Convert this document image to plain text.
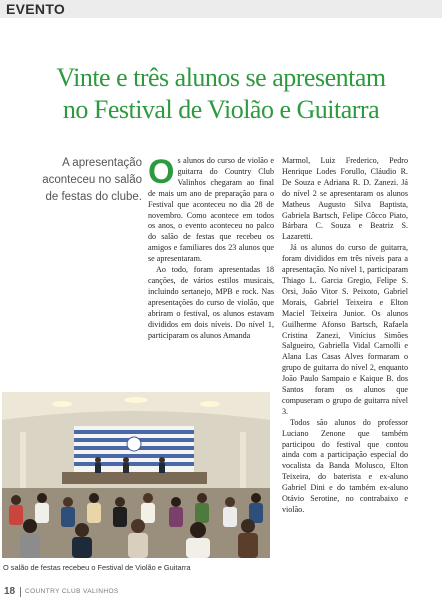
EVENTO
Vinte e três alunos se apresentam
no Festival de Violão e Guitarra
A apresentação
aconteceu no salão
de festas do clube.

Os alunos do curso de violão e guitarra do Country Club Valinhos chegaram ao final de mais um ano de preparação para o Festival que aconteceu no dia 28 de novembro. Como acontece em todos os anos, o evento aconteceu no palco do salão de festas que recebeu os amigos e familiares dos 23 alunos que se apresentaram.

Ao todo, foram apresentadas 18 canções, de vários estilos musicais, incluindo sertanejo, MPB e rock. Nas apresentações do curso de violão, que abriram o festival, os alunos estavam divididos em dois níveis. Do nível 1, participaram os alunos Amanda

Marmol, Luiz Frederico, Pedro Henrique Lodes Forullo, Cláudio R. De Souza e Adriana R. D. Zanezi. Já do nível 2 se apresentaram os alunos Matheus Augusto Silva Baptista, Gabriela Bartsch, Felipe Côcco Piato, Bárbara C. Souza e Beatriz S. Lazaretti.

Já os alunos do curso de guitarra, foram divididos em três níveis para a apresentação. No nível 1, participaram Thiago L. Garcia Gregio, Felipe S. Orsi, João Vitor S. Peixoto, Gabriel Morais, Gabriel Teixeira e Elton Maciel Teixeira Junior. Os alunos Guilherme Afonso Bartsch, Rafaela Cristina Zanezi, Vinícius Simões Salgueiro, Gabriella Vidal Carnolli e Alana Las Casas Alves formaram o grupo de guitarra do nível 2, enquanto João Paulo Sampaio e Kaique B. dos Santos foram os alunos que compuseram o grupo de guitarra nível 3.

Todos são alunos do professor Luciano Zenone que também participou do festival que contou ainda com a participação especial do vocalista da Banda Molusco, Elton Teixeira, do baterista e ex-aluno Gabriel Dini e do também ex-aluno Otávio Serotine, no contrabaixo e violão.

O salão de festas recebeu o Festival de Violão e Guitarra
18 COUNTRY CLUB VALINHOS
